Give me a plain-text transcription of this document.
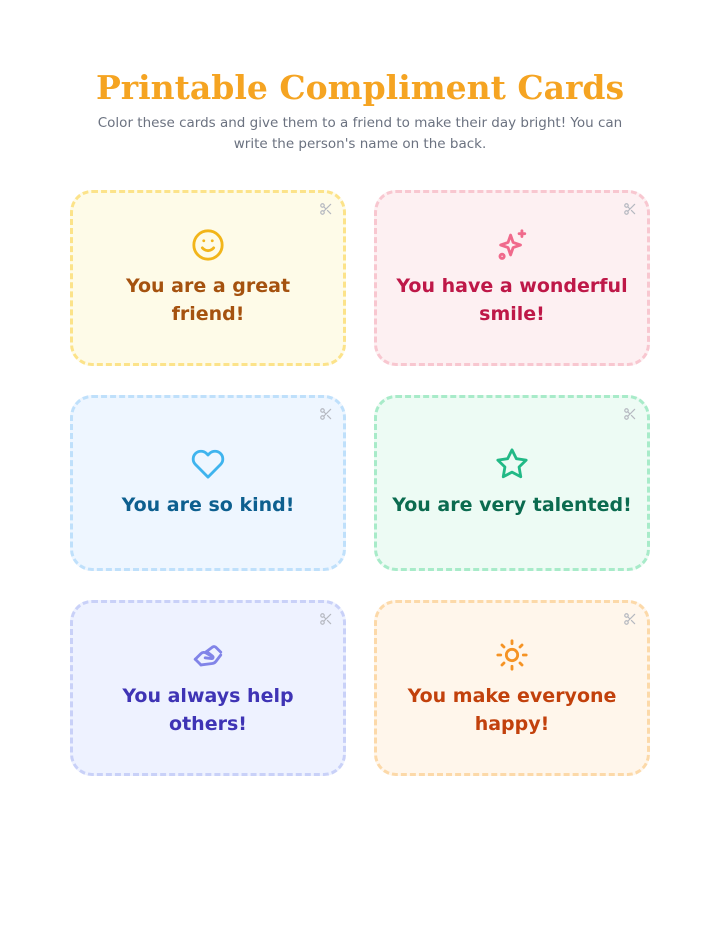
Printable Compliment Cards

Color these cards and give them to a friend to make their day bright! You can write the person's name on the back.

You are a great friend!

You have a wonderful smile!

You are so kind!	You are very talented!

You always help others!

You make everyone happy!
